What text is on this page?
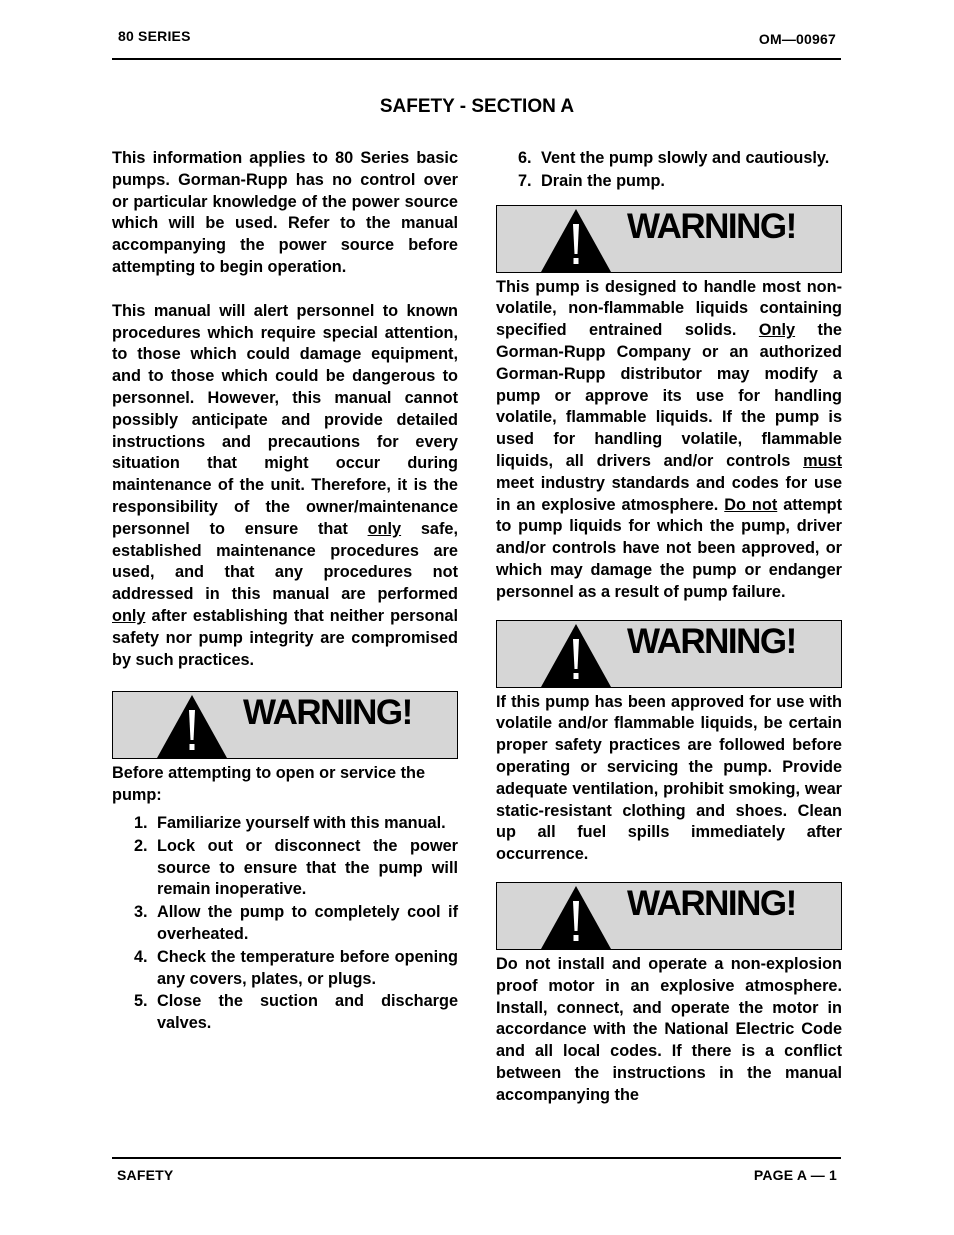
80 SERIES	OM—00967
SAFETY - SECTION A

This information applies to 80 Series basic pumps. Gorman-Rupp has no control over or particular knowledge of the power source which will be used. Refer to the manual accompanying the power source before attempting to begin operation.

This manual will alert personnel to known procedures which require special attention, to those which could damage equipment, and to those which could be dangerous to personnel. However, this manual cannot possibly anticipate and provide detailed instructions and precautions for every situation that might occur during maintenance of the unit. Therefore, it is the responsibility of the owner/maintenance personnel to ensure that only safe, established maintenance procedures are used, and that any procedures not addressed in this manual are performed only after establishing that neither personal safety nor pump integrity are compromised by such practices.

WARNING!

Before attempting to open or service the pump:

1. Familiarize yourself with this manual.
2. Lock out or disconnect the power source to ensure that the pump will remain inoperative.
3. Allow the pump to completely cool if overheated.
4. Check the temperature before opening any covers, plates, or plugs.
5. Close the suction and discharge valves.
6. Vent the pump slowly and cautiously.
7. Drain the pump.
WARNING!

This pump is designed to handle most non-volatile, non-flammable liquids containing specified entrained solids. Only the Gorman-Rupp Company or an authorized Gorman-Rupp distributor may modify a pump or approve its use for handling volatile, flammable liquids. If the pump is used for handling volatile, flammable liquids, all drivers and/or controls must meet industry standards and codes for use in an explosive atmosphere. Do not attempt to pump liquids for which the pump, driver and/or controls have not been approved, or which may damage the pump or endanger personnel as a result of pump failure.

WARNING!

If this pump has been approved for use with volatile and/or flammable liquids, be certain proper safety practices are followed before operating or servicing the pump. Provide adequate ventilation, prohibit smoking, wear static-resistant clothing and shoes. Clean up all fuel spills immediately after occurrence.

WARNING!

Do not install and operate a non-explosion proof motor in an explosive atmosphere. Install, connect, and operate the motor in accordance with the National Electric Code and all local codes. If there is a conflict between the instructions in the manual accompanying the

SAFETY	PAGE A — 1
